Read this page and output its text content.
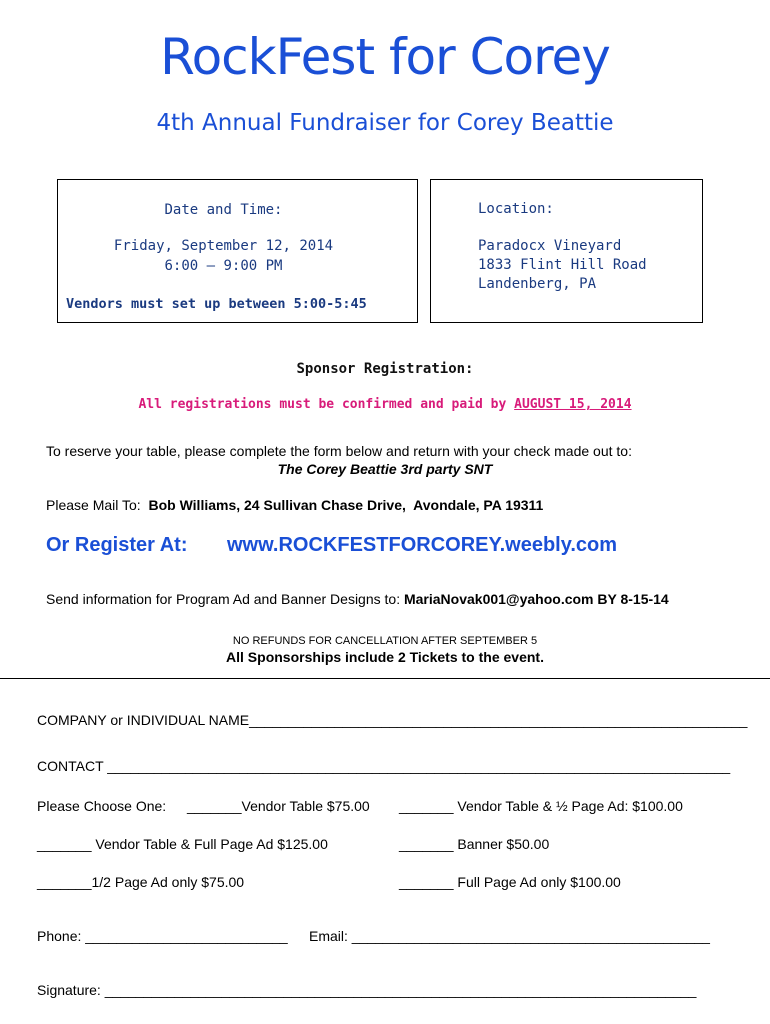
RockFest for Corey
4th Annual Fundraiser for Corey Beattie
Date and Time:
Friday, September 12, 2014
6:00 – 9:00 PM
Vendors must set up between 5:00-5:45
Location:
Paradocx Vineyard
1833 Flint Hill Road
Landenberg, PA
Sponsor Registration:
All registrations must be confirmed and paid by AUGUST 15, 2014
To reserve your table, please complete the form below and return with your check made out to:
The Corey Beattie 3rd party SNT
Please Mail To:  Bob Williams, 24 Sullivan Chase Drive,  Avondale, PA 19311
Or Register At: www.ROCKFESTFORCOREY.weebly.com
Send information for Program Ad and Banner Designs to: MariaNovak001@yahoo.com BY 8-15-14
NO REFUNDS FOR CANCELLATION AFTER SEPTEMBER 5
All Sponsorships include 2 Tickets to the event.
COMPANY or INDIVIDUAL NAME________________________________________________________________
CONTACT ________________________________________________________________________________
Please Choose One: _______Vendor Table $75.00 _______ Vendor Table & ½ Page Ad: $100.00
_______ Vendor Table & Full Page Ad $125.00	_______ Banner $50.00
_______1/2 Page Ad only $75.00	_______ Full Page Ad only $100.00
Phone: __________________________ Email: ______________________________________________
Signature: ____________________________________________________________________________
